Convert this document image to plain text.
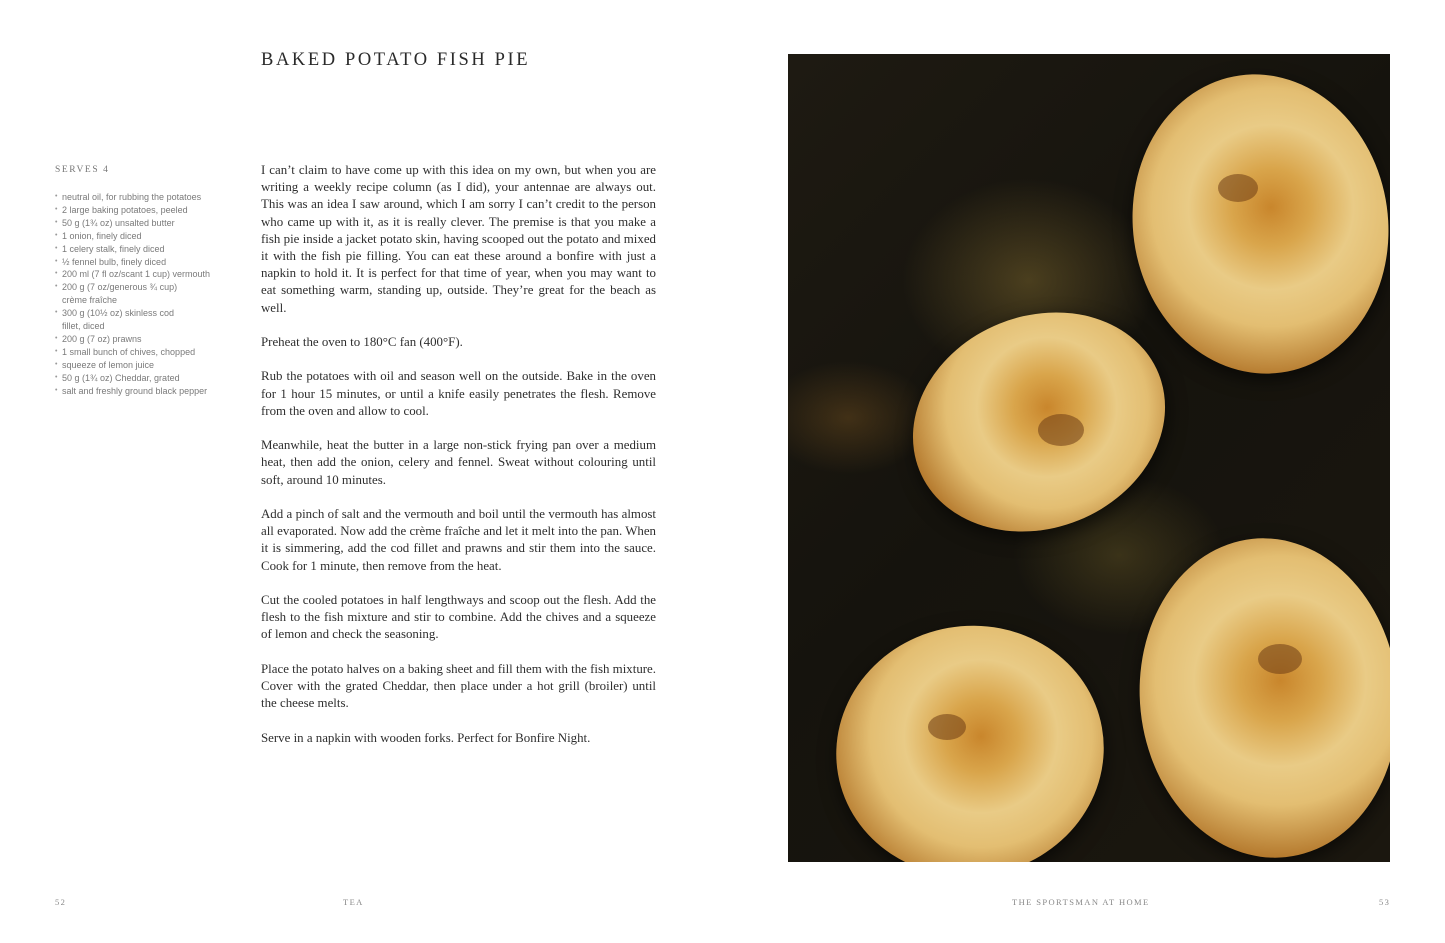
BAKED POTATO FISH PIE
SERVES 4
• neutral oil, for rubbing the potatoes
• 2 large baking potatoes, peeled
• 50 g (1¾ oz) unsalted butter
• 1 onion, finely diced
• 1 celery stalk, finely diced
• ½ fennel bulb, finely diced
• 200 ml (7 fl oz/scant 1 cup) vermouth
• 200 g (7 oz/generous ¾ cup) crème fraîche
• 300 g (10½ oz) skinless cod fillet, diced
• 200 g (7 oz) prawns
• 1 small bunch of chives, chopped
• squeeze of lemon juice
• 50 g (1¾ oz) Cheddar, grated
• salt and freshly ground black pepper

I can’t claim to have come up with this idea on my own, but when you are writing a weekly recipe column (as I did), your antennae are always out. This was an idea I saw around, which I am sorry I can’t credit to the person who came up with it, as it is really clever. The premise is that you make a fish pie inside a jacket potato skin, having scooped out the potato and mixed it with the fish pie filling. You can eat these around a bonfire with just a napkin to hold it. It is perfect for that time of year, when you may want to eat something warm, standing up, outside. They’re great for the beach as well.

Preheat the oven to 180°C fan (400°F).

Rub the potatoes with oil and season well on the outside. Bake in the oven for 1 hour 15 minutes, or until a knife easily penetrates the flesh. Remove from the oven and allow to cool.

Meanwhile, heat the butter in a large non-stick frying pan over a medium heat, then add the onion, celery and fennel. Sweat without colouring until soft, around 10 minutes.

Add a pinch of salt and the vermouth and boil until the vermouth has almost all evaporated. Now add the crème fraîche and let it melt into the pan. When it is simmering, add the cod fillet and prawns and stir them into the sauce. Cook for 1 minute, then remove from the heat.

Cut the cooled potatoes in half lengthways and scoop out the flesh. Add the flesh to the fish mixture and stir to combine. Add the chives and a squeeze of lemon and check the seasoning.

Place the potato halves on a baking sheet and fill them with the fish mixture. Cover with the grated Cheddar, then place under a hot grill (broiler) until the cheese melts.

Serve in a napkin with wooden forks. Perfect for Bonfire Night.

52	TEA	THE SPORTSMAN AT HOME	53
